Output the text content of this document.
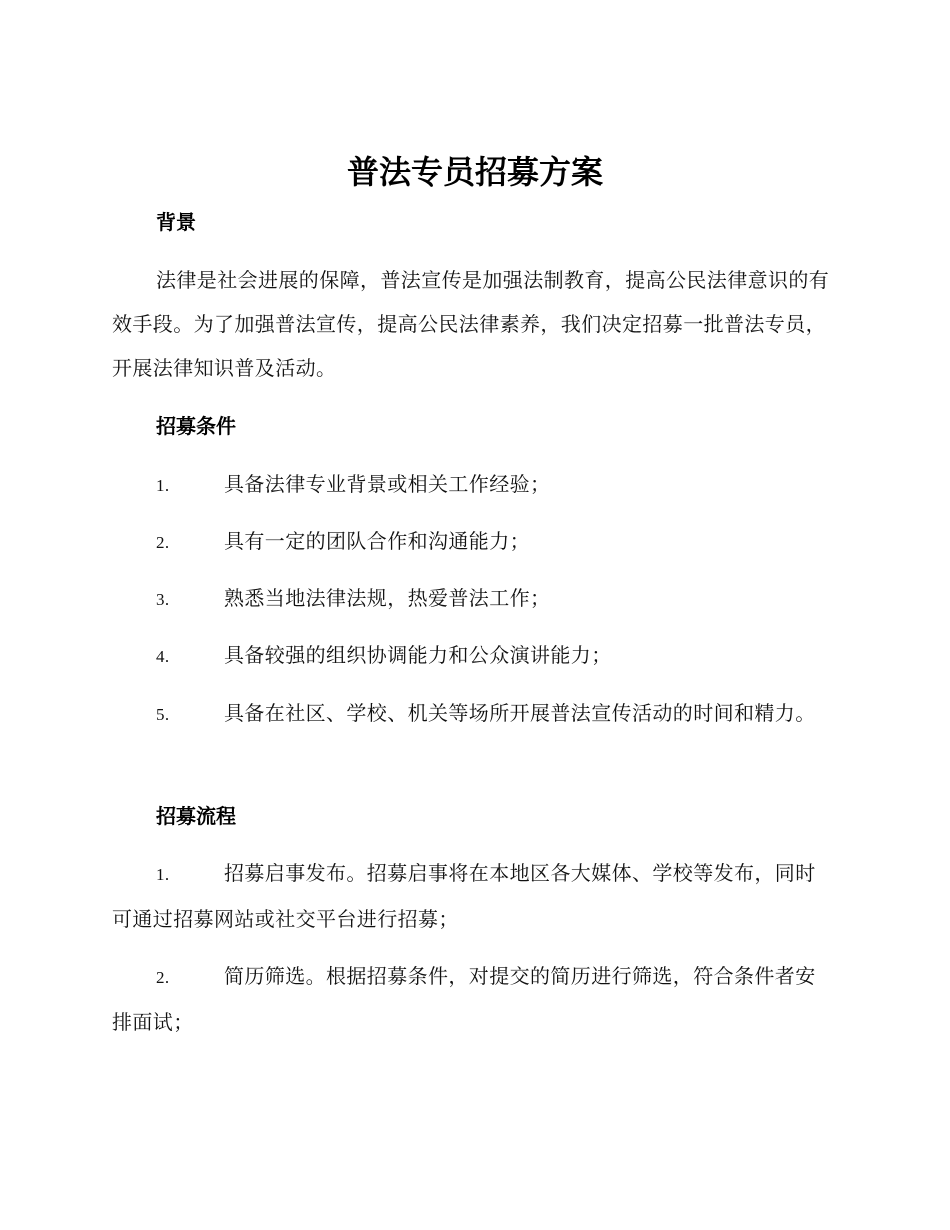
普法专员招募方案
背景

法律是社会进展的保障，普法宣传是加强法制教育，提高公民法律意识的有效手段。为了加强普法宣传，提高公民法律素养，我们决定招募一批普法专员，开展法律知识普及活动。

招募条件
1.	具备法律专业背景或相关工作经验；
2.	具有一定的团队合作和沟通能力；
3.	熟悉当地法律法规，热爱普法工作；
4.	具备较强的组织协调能力和公众演讲能力；
5.	具备在社区、学校、机关等场所开展普法宣传活动的时间和精力。
招募流程
1.	招募启事发布。招募启事将在本地区各大媒体、学校等发布，同时可通过招募网站或社交平台进行招募；
2.	简历筛选。根据招募条件，对提交的简历进行筛选，符合条件者安排面试；
